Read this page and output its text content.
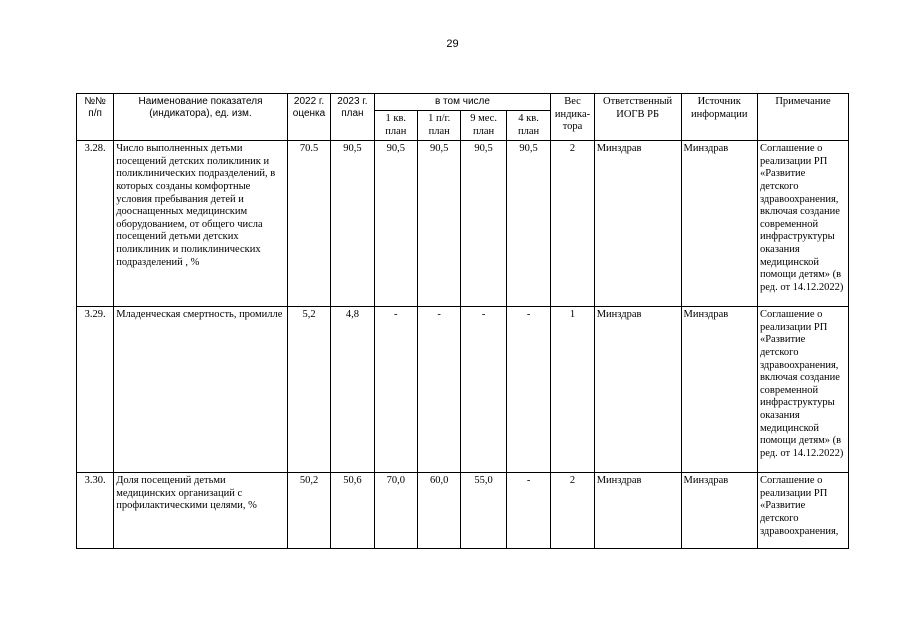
29
№№ п/п	Наименование показателя (индикатора), ед. изм.	2022 г. оценка	2023 г. план	в том числе				Вес индика-тора	Ответственный ИОГВ РБ	Источник информации	Примечание
				1 кв. план	1 п/г. план	9 мес. план	4 кв. план				
3.28.	Число выполненных детьми посещений детских поликлиник и поликлинических подразделений, в которых созданы комфортные условия пребывания детей и дооснащенных медицинским оборудованием, от общего числа посещений детьми детских поликлиник и поликлинических подразделений , %	70.5	90,5	90,5	90,5	90,5	90,5	2	Минздрав	Минздрав	Соглашение о реализации РП «Развитие детского здравоохранения, включая создание современной инфраструктуры оказания медицинской помощи детям» (в ред. от 14.12.2022)
3.29.	Младенческая смертность, промилле	5,2	4,8	-	-	-	-	1	Минздрав	Минздрав	Соглашение о реализации РП «Развитие детского здравоохранения, включая создание современной инфраструктуры оказания медицинской помощи детям» (в ред. от 14.12.2022)
3.30.	Доля посещений детьми медицинских организаций с профилактическими целями, %	50,2	50,6	70,0	60,0	55,0	-	2	Минздрав	Минздрав	Соглашение о реализации РП «Развитие детского здравоохранения,
